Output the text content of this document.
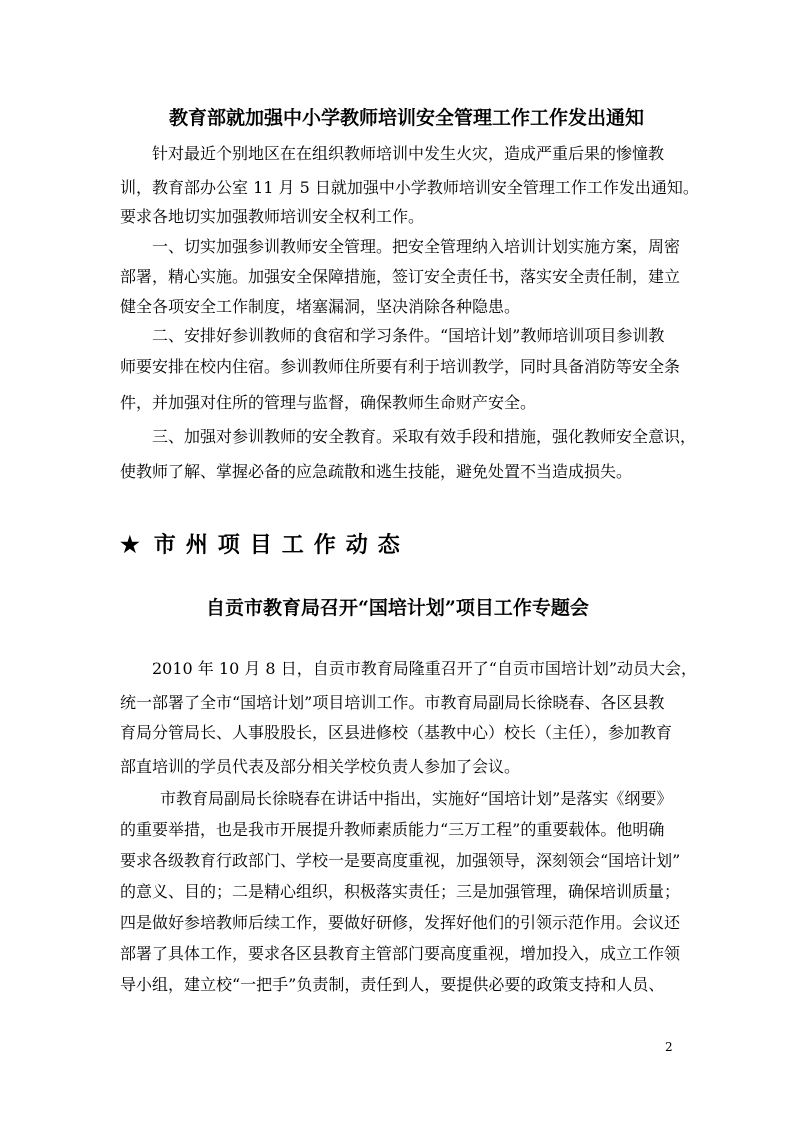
教育部就加强中小学教师培训安全管理工作工作发出通知
针对最近个别地区在在组织教师培训中发生火灾，造成严重后果的惨憧教
训，教育部办公室 11 月 5 日就加强中小学教师培训安全管理工作工作发出通知。
要求各地切实加强教师培训安全权利工作。
一、切实加强参训教师安全管理。把安全管理纳入培训计划实施方案，周密
部署，精心实施。加强安全保障措施，签订安全责任书，落实安全责任制，建立
健全各项安全工作制度，堵塞漏洞，坚决消除各种隐患。
二、安排好参训教师的食宿和学习条件。“国培计划”教师培训项目参训教
师要安排在校内住宿。参训教师住所要有利于培训教学，同时具备消防等安全条
件，并加强对住所的管理与监督，确保教师生命财产安全。
三、加强对参训教师的安全教育。采取有效手段和措施，强化教师安全意识，
使教师了解、掌握必备的应急疏散和逃生技能，避免处置不当造成损失。
★ 市州项目工作动态
自贡市教育局召开“国培计划”项目工作专题会
2010 年 10 月 8 日，自贡市教育局隆重召开了“自贡市国培计划”动员大会，
统一部署了全市“国培计划”项目培训工作。市教育局副局长徐晓春、各区县教
育局分管局长、人事股股长，区县进修校（基教中心）校长（主任），参加教育
部直培训的学员代表及部分相关学校负责人参加了会议。
市教育局副局长徐晓春在讲话中指出，实施好“国培计划”是落实《纲要》
的重要举措，也是我市开展提升教师素质能力“三万工程”的重要载体。他明确
要求各级教育行政部门、学校一是要高度重视，加强领导，深刻领会“国培计划”
的意义、目的；二是精心组织，积极落实责任；三是加强管理，确保培训质量；
四是做好参培教师后续工作，要做好研修，发挥好他们的引领示范作用。会议还
部署了具体工作，要求各区县教育主管部门要高度重视，增加投入，成立工作领
导小组，建立校“一把手”负责制，责任到人，要提供必要的政策支持和人员、
2
